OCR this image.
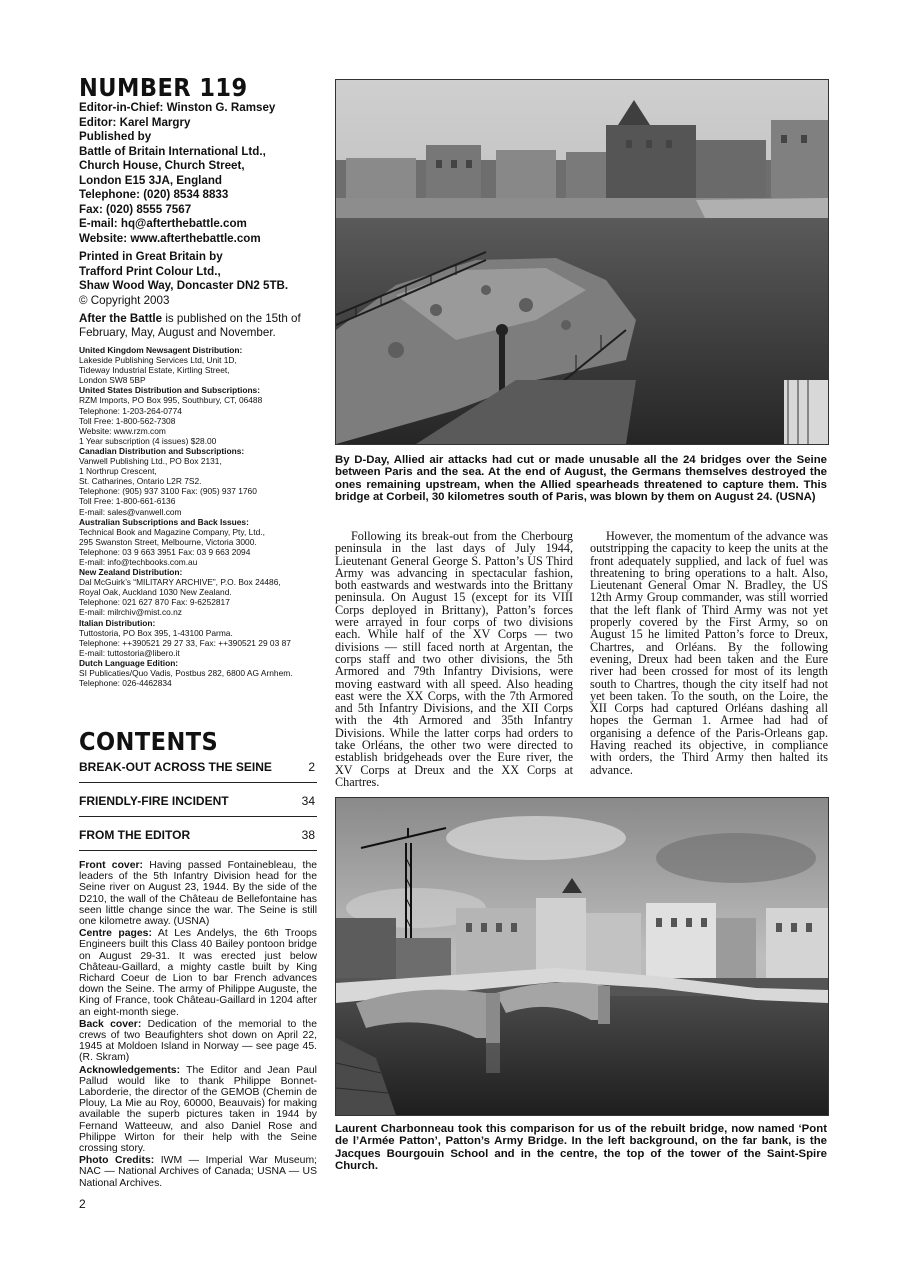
NUMBER 119
Editor-in-Chief: Winston G. Ramsey
Editor: Karel Margry
Published by
Battle of Britain International Ltd.,
Church House, Church Street,
London E15 3JA, England
Telephone: (020) 8534 8833
Fax: (020) 8555 7567
E-mail: hq@afterthebattle.com
Website: www.afterthebattle.com
Printed in Great Britain by
Trafford Print Colour Ltd.,
Shaw Wood Way, Doncaster DN2 5TB.
© Copyright 2003
After the Battle is published on the 15th of February, May, August and November.
United Kingdom Newsagent Distribution:
Lakeside Publishing Services Ltd, Unit 1D,
Tideway Industrial Estate, Kirtling Street,
London SW8 5BP
United States Distribution and Subscriptions:
RZM Imports, PO Box 995, Southbury, CT, 06488
Telephone: 1-203-264-0774
Toll Free: 1-800-562-7308
Website: www.rzm.com
1 Year subscription (4 issues) $28.00
Canadian Distribution and Subscriptions:
Vanwell Publishing Ltd., PO Box 2131,
1 Northrup Crescent,
St. Catharines, Ontario L2R 7S2.
Telephone: (905) 937 3100 Fax: (905) 937 1760
Toll Free: 1-800-661-6136
E-mail: sales@vanwell.com
Australian Subscriptions and Back Issues:
Technical Book and Magazine Company, Pty, Ltd.,
295 Swanston Street, Melbourne, Victoria 3000.
Telephone: 03 9 663 3951 Fax: 03 9 663 2094
E-mail: info@techbooks.com.au
New Zealand Distribution:
Dal McGuirk’s “MILITARY ARCHIVE”, P.O. Box 24486,
Royal Oak, Auckland 1030 New Zealand.
Telephone: 021 627 870 Fax: 9-6252817
E-mail: milrchiv@mist.co.nz
Italian Distribution:
Tuttostoria, PO Box 395, 1-43100 Parma.
Telephone: ++390521 29 27 33, Fax: ++390521 29 03 87
E-mail: tuttostoria@libero.it
Dutch Language Edition:
SI Publicaties/Quo Vadis, Postbus 282, 6800 AG Arnhem.
Telephone: 026-4462834
CONTENTS
BREAK-OUT ACROSS THE SEINE	2
FRIENDLY-FIRE INCIDENT	34
FROM THE EDITOR	38

Front cover: Having passed Fontainebleau, the leaders of the 5th Infantry Division head for the Seine river on August 23, 1944. By the side of the D210, the wall of the Château de Bellefontaine has seen little change since the war. The Seine is still one kilometre away. (USNA)

Centre pages: At Les Andelys, the 6th Troops Engineers built this Class 40 Bailey pontoon bridge on August 29-31. It was erected just below Château-Gaillard, a mighty castle built by King Richard Coeur de Lion to bar French advances down the Seine. The army of Philippe Auguste, the King of France, took Château-Gaillard in 1204 after an eight-month siege.

Back cover: Dedication of the memorial to the crews of two Beaufighters shot down on April 22, 1945 at Moldoen Island in Norway — see page 45. (R. Skram)

Acknowledgements: The Editor and Jean Paul Pallud would like to thank Philippe Bonnet-Laborderie, the director of the GEMOB (Chemin de Plouy, La Mie au Roy, 60000, Beauvais) for making available the superb pictures taken in 1944 by Fernand Watteeuw, and also Daniel Rose and Philippe Wirton for their help with the Seine crossing story.

Photo Credits: IWM — Imperial War Museum; NAC — National Archives of Canada; USNA — US National Archives.

2
By D-Day, Allied air attacks had cut or made unusable all the 24 bridges over the Seine between Paris and the sea. At the end of August, the Germans themselves destroyed the ones remaining upstream, when the Allied spearheads threatened to capture them. This bridge at Corbeil, 30 kilometres south of Paris, was blown by them on August 24. (USNA)
Following its break-out from the Cherbourg peninsula in the last days of July 1944, Lieutenant General George S. Patton’s US Third Army was advancing in spectacular fashion, both eastwards and westwards into the Brittany peninsula. On August 15 (except for its VIII Corps deployed in Brittany), Patton’s forces were arrayed in four corps of two divisions each. While half of the XV Corps — two divisions — still faced north at Argentan, the corps staff and two other divisions, the 5th Armored and 79th Infantry Divisions, were moving eastward with all speed. Also heading east were the XX Corps, with the 7th Armored and 5th Infantry Divisions, and the XII Corps with the 4th Armored and 35th Infantry Divisions. While the latter corps had orders to take Orléans, the other two were directed to establish bridgeheads over the Eure river, the XV Corps at Dreux and the XX Corps at Chartres.
However, the momentum of the advance was outstripping the capacity to keep the units at the front adequately supplied, and lack of fuel was threatening to bring operations to a halt. Also, Lieutenant General Omar N. Bradley, the US 12th Army Group commander, was still worried that the left flank of Third Army was not yet properly covered by the First Army, so on August 15 he limited Patton’s force to Dreux, Chartres, and Orléans. By the following evening, Dreux had been taken and the Eure river had been crossed for most of its length south to Chartres, though the city itself had not yet been taken. To the south, on the Loire, the XII Corps had captured Orléans dashing all hopes the German 1. Armee had had of organising a defence of the Paris-Orleans gap. Having reached its objective, in compliance with orders, the Third Army then halted its advance.
Laurent Charbonneau took this comparison for us of the rebuilt bridge, now named ‘Pont de l’Armée Patton’, Patton’s Army Bridge. In the left background, on the far bank, is the Jacques Bourgouin School and in the centre, the top of the tower of the Saint-Spire Church.
